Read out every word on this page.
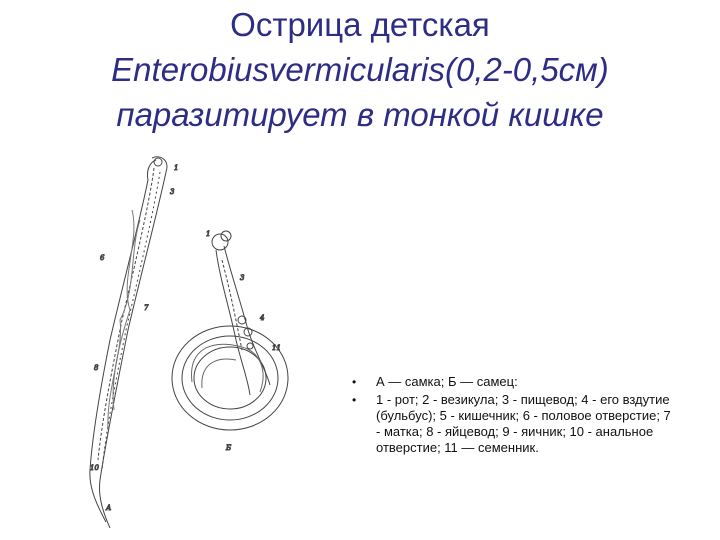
Острица детская
Enterobiusvermicularis(0,2-0,5см)
паразитирует в тонкой кишке
1
3
6
7
8
10
А
1
3
4
11
Б
• А — самка; Б — самец:
• 1 - рот; 2 - везикула; 3 - пищевод; 4 - его вздутие (бульбус); 5 - кишечник; 6 - половое отверстие; 7 - матка; 8 - яйцевод; 9 - яичник; 10 - анальное отверстие; 11 — семенник.
